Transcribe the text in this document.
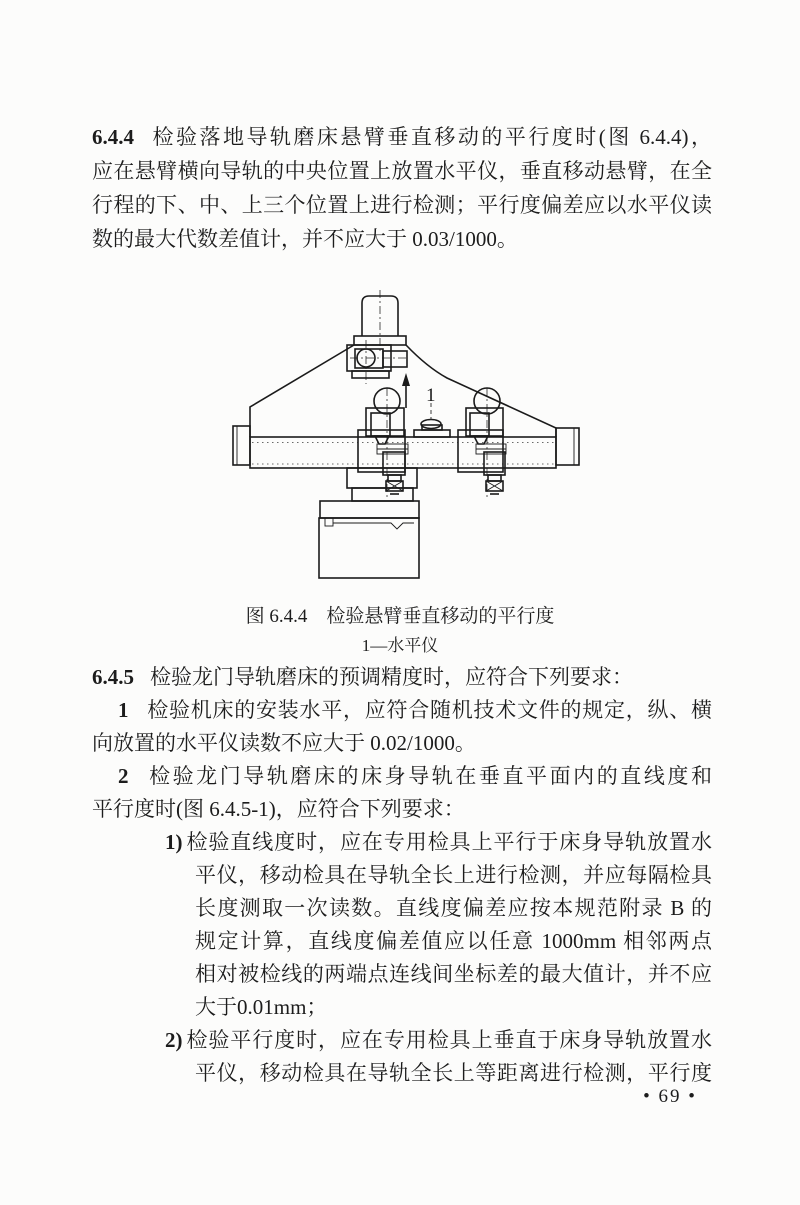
6.4.4 检验落地导轨磨床悬臂垂直移动的平行度时(图 6.4.4)，
应在悬臂横向导轨的中央位置上放置水平仪，垂直移动悬臂，在全
行程的下、中、上三个位置上进行检测；平行度偏差应以水平仪读
数的最大代数差值计，并不应大于 0.03/1000。
1
图 6.4.4　检验悬臂垂直移动的平行度
1—水平仪
6.4.5 检验龙门导轨磨床的预调精度时，应符合下列要求：
1 检验机床的安装水平，应符合随机技术文件的规定，纵、横
向放置的水平仪读数不应大于 0.02/1000。
2 检验龙门导轨磨床的床身导轨在垂直平面内的直线度和
平行度时(图 6.4.5-1)，应符合下列要求：
1) 检验直线度时，应在专用检具上平行于床身导轨放置水
平仪，移动检具在导轨全长上进行检测，并应每隔检具
长度测取一次读数。直线度偏差应按本规范附录 B 的
规定计算，直线度偏差值应以任意 1000mm 相邻两点
相对被检线的两端点连线间坐标差的最大值计，并不应
大于0.01mm；
2) 检验平行度时，应在专用检具上垂直于床身导轨放置水
平仪，移动检具在导轨全长上等距离进行检测，平行度
• 69 •
